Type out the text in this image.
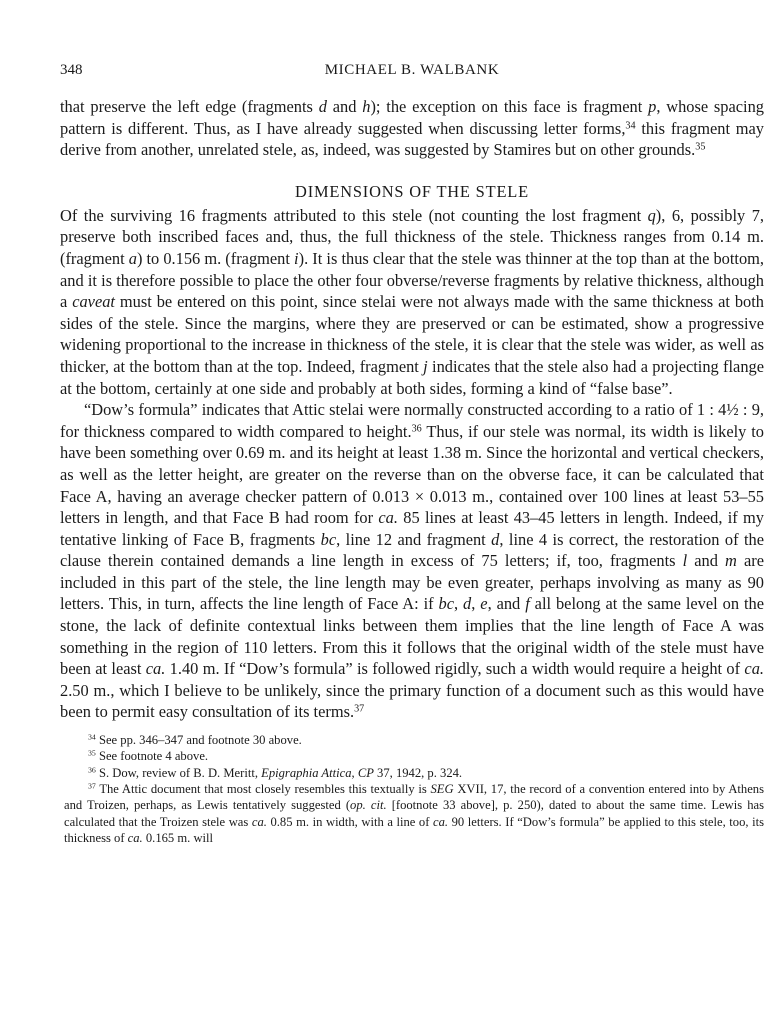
348	MICHAEL B. WALBANK

that preserve the left edge (fragments d and h); the exception on this face is fragment p, whose spacing pattern is different. Thus, as I have already suggested when discussing letter forms,$^{34}$ this fragment may derive from another, unrelated stele, as, indeed, was suggested by Stamires but on other grounds.$^{35}$

DIMENSIONS OF THE STELE

Of the surviving 16 fragments attributed to this stele (not counting the lost fragment q), 6, possibly 7, preserve both inscribed faces and, thus, the full thickness of the stele. Thickness ranges from 0.14 m. (fragment a) to 0.156 m. (fragment i). It is thus clear that the stele was thinner at the top than at the bottom, and it is therefore possible to place the other four obverse/reverse fragments by relative thickness, although a caveat must be entered on this point, since stelai were not always made with the same thickness at both sides of the stele. Since the margins, where they are preserved or can be estimated, show a progressive widening proportional to the increase in thickness of the stele, it is clear that the stele was wider, as well as thicker, at the bottom than at the top. Indeed, fragment j indicates that the stele also had a projecting flange at the bottom, certainly at one side and probably at both sides, forming a kind of “false base”.

“Dow’s formula” indicates that Attic stelai were normally constructed according to a ratio of 1 : 4½ : 9, for thickness compared to width compared to height.$^{36}$ Thus, if our stele was normal, its width is likely to have been something over 0.69 m. and its height at least 1.38 m. Since the horizontal and vertical checkers, as well as the letter height, are greater on the reverse than on the obverse face, it can be calculated that Face A, having an average checker pattern of 0.013 × 0.013 m., contained over 100 lines at least 53–55 letters in length, and that Face B had room for ca. 85 lines at least 43–45 letters in length. Indeed, if my tentative linking of Face B, fragments bc, line 12 and fragment d, line 4 is correct, the restoration of the clause therein contained demands a line length in excess of 75 letters; if, too, fragments l and m are included in this part of the stele, the line length may be even greater, perhaps involving as many as 90 letters. This, in turn, affects the line length of Face A: if bc, d, e, and f all belong at the same level on the stone, the lack of definite contextual links between them implies that the line length of Face A was something in the region of 110 letters. From this it follows that the original width of the stele must have been at least ca. 1.40 m. If “Dow’s formula” is followed rigidly, such a width would require a height of ca. 2.50 m., which I believe to be unlikely, since the primary function of a document such as this would have been to permit easy consultation of its terms.$^{37}$

$^{34}$ See pp. 346–347 and footnote 30 above.

$^{35}$ See footnote 4 above.

$^{36}$ S. Dow, review of B. D. Meritt, Epigraphia Attica, CP 37, 1942, p. 324.

$^{37}$ The Attic document that most closely resembles this textually is SEG XVII, 17, the record of a convention entered into by Athens and Troizen, perhaps, as Lewis tentatively suggested (op. cit. [footnote 33 above], p. 250), dated to about the same time. Lewis has calculated that the Troizen stele was ca. 0.85 m. in width, with a line of ca. 90 letters. If “Dow’s formula” be applied to this stele, too, its thickness of ca. 0.165 m. will
